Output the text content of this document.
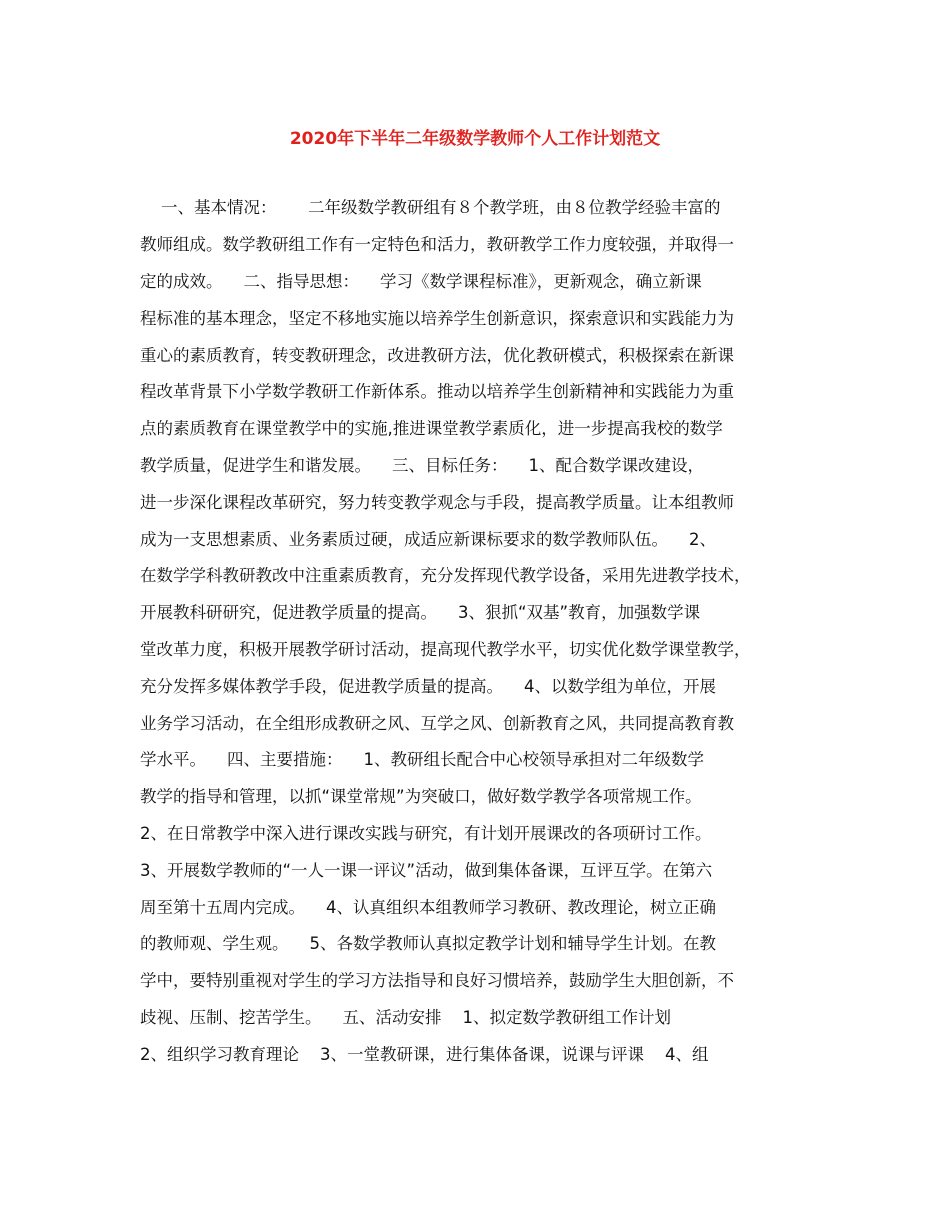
2020年下半年二年级数学教师个人工作计划范文
一、基本情况：      二年级数学教研组有８个教学班，由８位教学经验丰富的
教师组成。数学教研组工作有一定特色和活力，教研教学工作力度较强，并取得一
定的成效。    二、指导思想：    学习《数学课程标准》，更新观念，确立新课
程标准的基本理念，坚定不移地实施以培养学生创新意识，探索意识和实践能力为
重心的素质教育，转变教研理念，改进教研方法，优化教研模式，积极探索在新课
程改革背景下小学数学教研工作新体系。推动以培养学生创新精神和实践能力为重
点的素质教育在课堂教学中的实施,推进课堂教学素质化，进一步提高我校的数学
教学质量，促进学生和谐发展。    三、目标任务：    1、配合数学课改建设，
进一步深化课程改革研究，努力转变教学观念与手段，提高教学质量。让本组教师
成为一支思想素质、业务素质过硬，成适应新课标要求的数学教师队伍。    2、
在数学学科教研教改中注重素质教育，充分发挥现代教学设备，采用先进教学技术，
开展教科研研究，促进教学质量的提高。    3、狠抓“双基”教育，加强数学课
堂改革力度，积极开展教学研讨活动，提高现代教学水平，切实优化数学课堂教学，
充分发挥多媒体教学手段，促进教学质量的提高。    4、以数学组为单位，开展
业务学习活动，在全组形成教研之风、互学之风、创新教育之风，共同提高教育教
学水平。    四、主要措施：    1、教研组长配合中心校领导承担对二年级数学
教学的指导和管理，以抓“课堂常规”为突破口，做好数学教学各项常规工作。
2、在日常教学中深入进行课改实践与研究，有计划开展课改的各项研讨工作。
3、开展数学教师的“一人一课一评议”活动，做到集体备课，互评互学。在第六
周至第十五周内完成。    4、认真组织本组教师学习教研、教改理论，树立正确
的教师观、学生观。    5、各数学教师认真拟定教学计划和辅导学生计划。在教
学中，要特别重视对学生的学习方法指导和良好习惯培养，鼓励学生大胆创新，不
歧视、压制、挖苦学生。    五、活动安排    1、拟定数学教研组工作计划
2、组织学习教育理论    3、一堂教研课，进行集体备课，说课与评课    4、组
